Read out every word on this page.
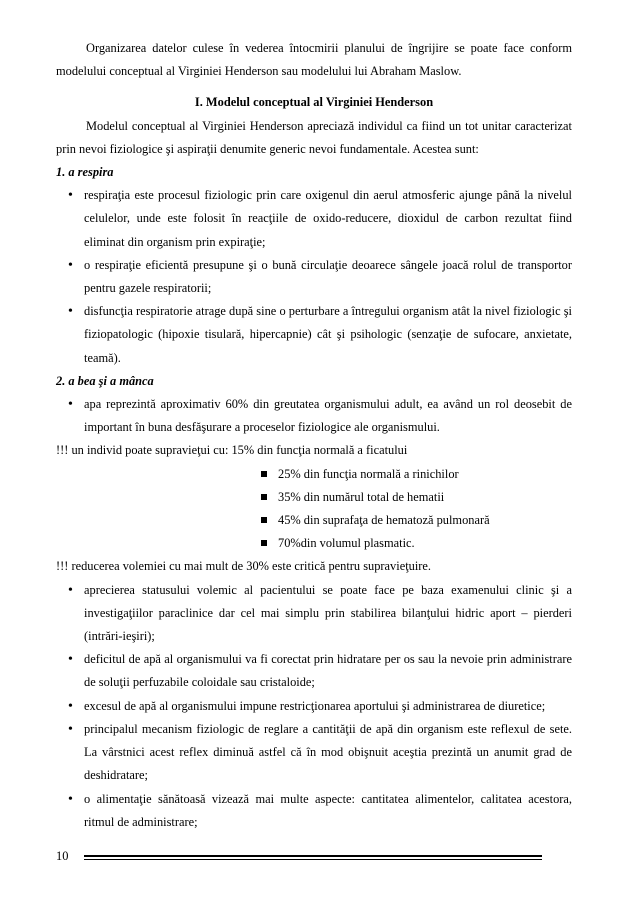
Organizarea datelor culese în vederea întocmirii planului de îngrijire se poate face conform modelului conceptual al Virginiei Henderson sau modelului lui Abraham Maslow.

I. Modelul conceptual al Virginiei Henderson

Modelul conceptual al Virginiei Henderson apreciază individul ca fiind un tot unitar caracterizat prin nevoi fiziologice şi aspiraţii denumite generic nevoi fundamentale. Acestea sunt:

1. a respira

• respiraţia este procesul fiziologic prin care oxigenul din aerul atmosferic ajunge până la nivelul celulelor, unde este folosit în reacţiile de oxido-reducere, dioxidul de carbon rezultat fiind eliminat din organism prin expiraţie;
• o respiraţie eficientă presupune şi o bună circulaţie deoarece sângele joacă rolul de transportor pentru gazele respiratorii;
• disfuncţia respiratorie atrage după sine o perturbare a întregului organism atât la nivel fiziologic şi fiziopatologic (hipoxie tisulară, hipercapnie) cât şi psihologic (senzaţie de sufocare, anxietate, teamă).

2. a bea şi a mânca

• apa reprezintă aproximativ 60% din greutatea organismului adult, ea având un rol deosebit de important în buna desfăşurare a proceselor fiziologice ale organismului.

!!! un individ poate supravieţui cu: 15% din funcţia normală a ficatului

25% din funcţia normală a rinichilor
35% din numărul total de hematii
45% din suprafaţa de hematoză pulmonară
70%din volumul plasmatic.

!!! reducerea volemiei cu mai mult de 30% este critică pentru supravieţuire.

• aprecierea statusului volemic al pacientului se poate face pe baza examenului clinic şi a investigaţiilor paraclinice dar cel mai simplu prin stabilirea bilanţului hidric aport – pierderi (intrări-ieşiri);
• deficitul de apă al organismului va fi corectat prin hidratare per os sau la nevoie prin administrare de soluţii perfuzabile coloidale sau cristaloide;
• excesul de apă al organismului impune restricţionarea aportului şi administrarea de diuretice;
• principalul mecanism fiziologic de reglare a cantităţii de apă din organism este reflexul de sete. La vârstnici acest reflex diminuă astfel că în mod obişnuit aceştia prezintă un anumit grad de deshidratare;
• o alimentaţie sănătoasă vizează mai multe aspecte: cantitatea alimentelor, calitatea acestora, ritmul de administrare;
10
